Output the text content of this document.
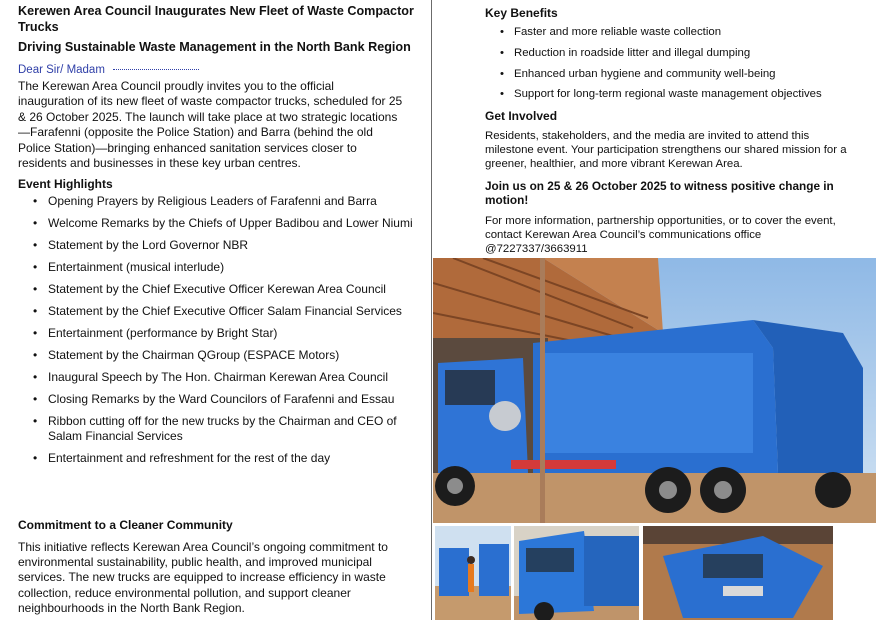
Kerewen Area Council Inaugurates New Fleet of Waste Compactor Trucks
Driving Sustainable Waste Management in the North Bank Region
Dear Sir/ Madam
The Kerewan Area Council proudly invites you to the official inauguration of its new fleet of waste compactor trucks, scheduled for 25 & 26 October 2025. The launch will take place at two strategic locations—Farafenni (opposite the Police Station) and Barra (behind the old Police Station)—bringing enhanced sanitation services closer to residents and businesses in these key urban centres.
Event Highlights
• Opening Prayers by Religious Leaders of Farafenni and Barra
• Welcome Remarks by the Chiefs of Upper Badibou and Lower Niumi
• Statement by the Lord Governor NBR
• Entertainment (musical interlude)
• Statement by the Chief Executive Officer Kerewan Area Council
• Statement by the Chief Executive Officer Salam Financial Services
• Entertainment (performance by Bright Star)
• Statement by the Chairman QGroup (ESPACE Motors)
• Inaugural Speech by The Hon. Chairman Kerewan Area Council
• Closing Remarks by the Ward Councilors of Farafenni and Essau
• Ribbon cutting off for the new trucks by the Chairman and CEO of Salam Financial Services
• Entertainment and refreshment for the rest of the day
Commitment to a Cleaner Community
This initiative reflects Kerewan Area Council’s ongoing commitment to environmental sustainability, public health, and improved municipal services. The new trucks are equipped to increase efficiency in waste collection, reduce environmental pollution, and support cleaner neighbourhoods in the North Bank Region.
Key Benefits
• Faster and more reliable waste collection
• Reduction in roadside litter and illegal dumping
• Enhanced urban hygiene and community well-being
• Support for long-term regional waste management objectives
Get Involved
Residents, stakeholders, and the media are invited to attend this milestone event. Your participation strengthens our shared mission for a greener, healthier, and more vibrant Kerewan Area.
Join us on 25 & 26 October 2025 to witness positive change in motion!
For more information, partnership opportunities, or to cover the event, contact Kerewan Area Council’s communications office @7227337/3663911
